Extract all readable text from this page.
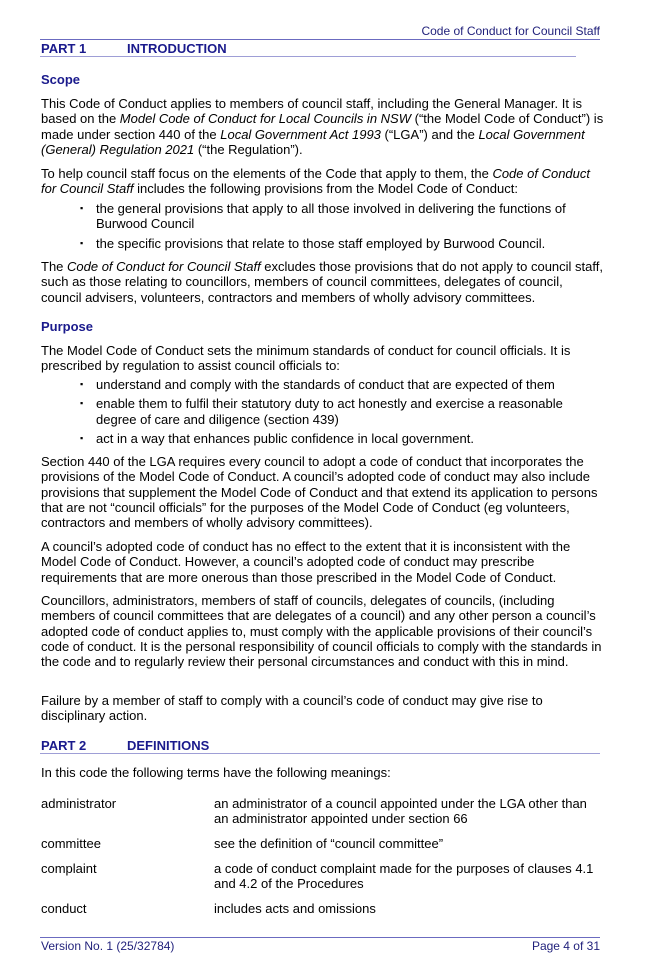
Code of Conduct for Council Staff
PART 1	INTRODUCTION
Scope
This Code of Conduct applies to members of council staff, including the General Manager. It is based on the Model Code of Conduct for Local Councils in NSW (“the Model Code of Conduct”) is made under section 440 of the Local Government Act 1993 (“LGA”) and the Local Government (General) Regulation 2021 (“the Regulation”).
To help council staff focus on the elements of the Code that apply to them, the Code of Conduct for Council Staff includes the following provisions from the Model Code of Conduct:
▪ the general provisions that apply to all those involved in delivering the functions of Burwood Council
▪ the specific provisions that relate to those staff employed by Burwood Council.
The Code of Conduct for Council Staff excludes those provisions that do not apply to council staff, such as those relating to councillors, members of council committees, delegates of council, council advisers, volunteers, contractors and members of wholly advisory committees.
Purpose
The Model Code of Conduct sets the minimum standards of conduct for council officials. It is prescribed by regulation to assist council officials to:
▪ understand and comply with the standards of conduct that are expected of them
▪ enable them to fulfil their statutory duty to act honestly and exercise a reasonable degree of care and diligence (section 439)
▪ act in a way that enhances public confidence in local government.
Section 440 of the LGA requires every council to adopt a code of conduct that incorporates the provisions of the Model Code of Conduct. A council’s adopted code of conduct may also include provisions that supplement the Model Code of Conduct and that extend its application to persons that are not “council officials” for the purposes of the Model Code of Conduct (eg volunteers, contractors and members of wholly advisory committees).
A council’s adopted code of conduct has no effect to the extent that it is inconsistent with the Model Code of Conduct. However, a council’s adopted code of conduct may prescribe requirements that are more onerous than those prescribed in the Model Code of Conduct.
Councillors, administrators, members of staff of councils, delegates of councils, (including members of council committees that are delegates of a council) and any other person a council’s adopted code of conduct applies to, must comply with the applicable provisions of their council’s code of conduct. It is the personal responsibility of council officials to comply with the standards in the code and to regularly review their personal circumstances and conduct with this in mind.
Failure by a member of staff to comply with a council’s code of conduct may give rise to disciplinary action.
PART 2	DEFINITIONS
In this code the following terms have the following meanings:
administrator	an administrator of a council appointed under the LGA other than an administrator appointed under section 66
committee	see the definition of “council committee”
complaint	a code of conduct complaint made for the purposes of clauses 4.1 and 4.2 of the Procedures
conduct	includes acts and omissions
Version No. 1 (25/32784)	Page 4 of 31
